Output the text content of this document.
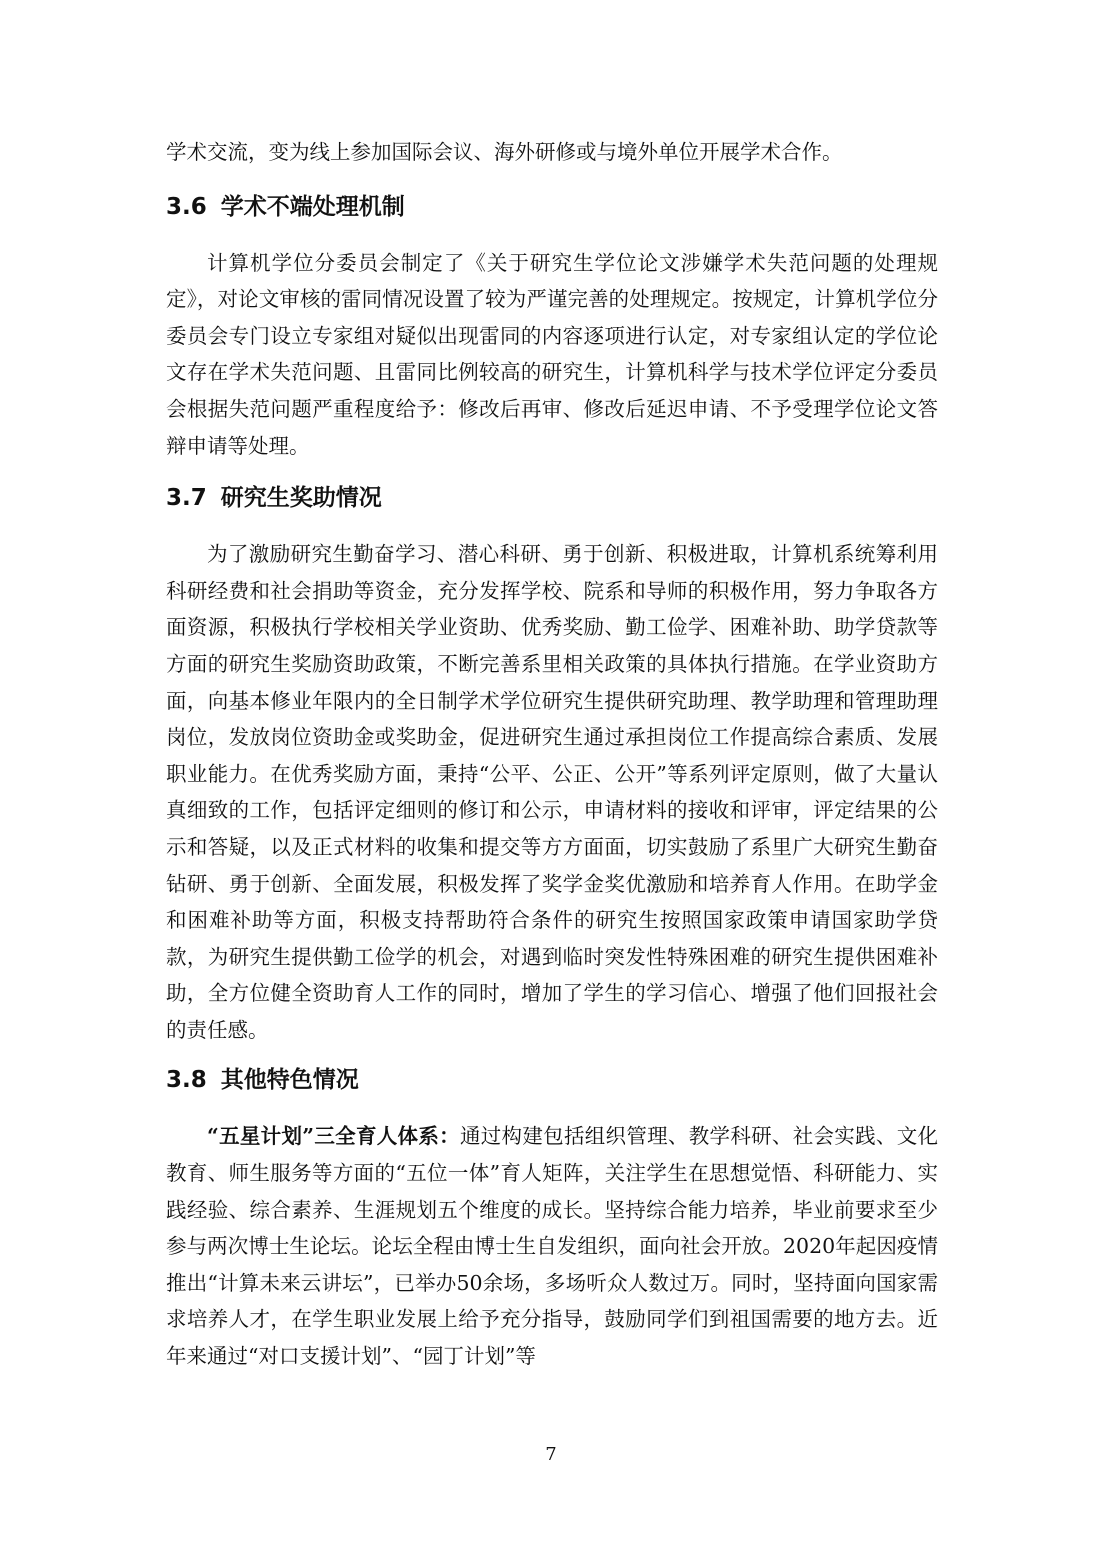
学术交流，变为线上参加国际会议、海外研修或与境外单位开展学术合作。

3.6 学术不端处理机制

计算机学位分委员会制定了《关于研究生学位论文涉嫌学术失范问题的处理规定》，对论文审核的雷同情况设置了较为严谨完善的处理规定。按规定，计算机学位分委员会专门设立专家组对疑似出现雷同的内容逐项进行认定，对专家组认定的学位论文存在学术失范问题、且雷同比例较高的研究生，计算机科学与技术学位评定分委员会根据失范问题严重程度给予：修改后再审、修改后延迟申请、不予受理学位论文答辩申请等处理。

3.7 研究生奖助情况

为了激励研究生勤奋学习、潜心科研、勇于创新、积极进取，计算机系统筹利用科研经费和社会捐助等资金，充分发挥学校、院系和导师的积极作用，努力争取各方面资源，积极执行学校相关学业资助、优秀奖励、勤工俭学、困难补助、助学贷款等方面的研究生奖励资助政策，不断完善系里相关政策的具体执行措施。在学业资助方面，向基本修业年限内的全日制学术学位研究生提供研究助理、教学助理和管理助理岗位，发放岗位资助金或奖助金，促进研究生通过承担岗位工作提高综合素质、发展职业能力。在优秀奖励方面，秉持“公平、公正、公开”等系列评定原则，做了大量认真细致的工作，包括评定细则的修订和公示，申请材料的接收和评审，评定结果的公示和答疑，以及正式材料的收集和提交等方方面面，切实鼓励了系里广大研究生勤奋钻研、勇于创新、全面发展，积极发挥了奖学金奖优激励和培养育人作用。在助学金和困难补助等方面，积极支持帮助符合条件的研究生按照国家政策申请国家助学贷款，为研究生提供勤工俭学的机会，对遇到临时突发性特殊困难的研究生提供困难补助，全方位健全资助育人工作的同时，增加了学生的学习信心、增强了他们回报社会的责任感。

3.8 其他特色情况

“五星计划”三全育人体系：通过构建包括组织管理、教学科研、社会实践、文化教育、师生服务等方面的“五位一体”育人矩阵，关注学生在思想觉悟、科研能力、实践经验、综合素养、生涯规划五个维度的成长。坚持综合能力培养，毕业前要求至少参与两次博士生论坛。论坛全程由博士生自发组织，面向社会开放。2020年起因疫情推出“计算未来云讲坛”，已举办50余场，多场听众人数过万。同时，坚持面向国家需求培养人才，在学生职业发展上给予充分指导，鼓励同学们到祖国需要的地方去。近年来通过“对口支援计划”、“园丁计划”等

7
